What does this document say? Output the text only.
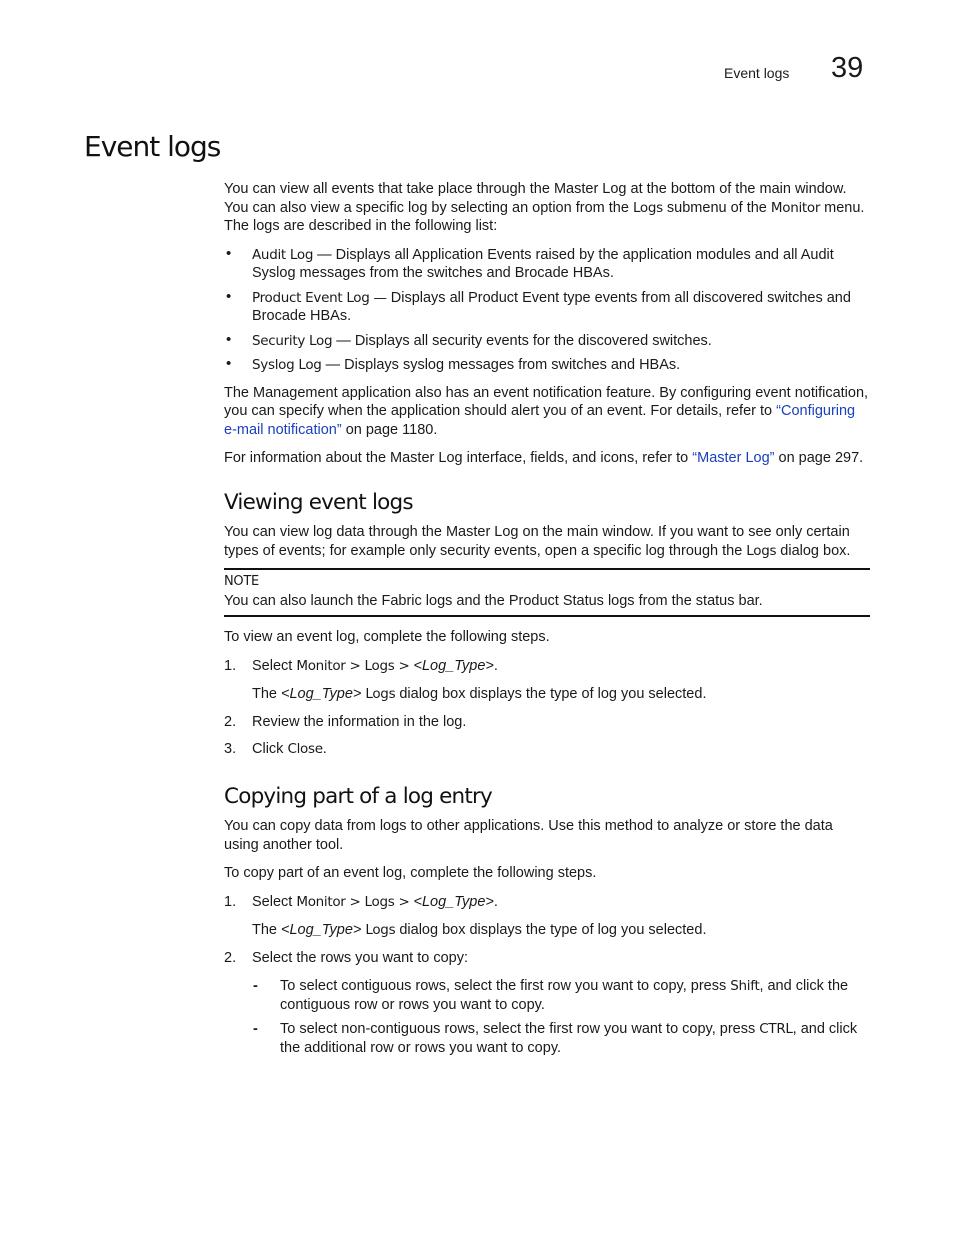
Event logs 39
Event logs

You can view all events that take place through the Master Log at the bottom of the main window. You can also view a specific log by selecting an option from the Logs submenu of the Monitor menu. The logs are described in the following list:

• Audit Log — Displays all Application Events raised by the application modules and all Audit Syslog messages from the switches and Brocade HBAs.
• Product Event Log — Displays all Product Event type events from all discovered switches and Brocade HBAs.
• Security Log — Displays all security events for the discovered switches.
• Syslog Log — Displays syslog messages from switches and HBAs.

The Management application also has an event notification feature. By configuring event notification, you can specify when the application should alert you of an event. For details, refer to “Configuring e-mail notification” on page 1180.

For information about the Master Log interface, fields, and icons, refer to “Master Log” on page 297.

Viewing event logs

You can view log data through the Master Log on the main window. If you want to see only certain types of events; for example only security events, open a specific log through the Logs dialog box.

NOTE
You can also launch the Fabric logs and the Product Status logs from the status bar.

To view an event log, complete the following steps.

1. Select Monitor > Logs > <Log_Type>.
The <Log_Type> Logs dialog box displays the type of log you selected.
2. Review the information in the log.
3. Click Close.
Copying part of a log entry

You can copy data from logs to other applications. Use this method to analyze or store the data using another tool.

To copy part of an event log, complete the following steps.

1. Select Monitor > Logs > <Log_Type>.
The <Log_Type> Logs dialog box displays the type of log you selected.
2. Select the rows you want to copy:
- To select contiguous rows, select the first row you want to copy, press Shift, and click the contiguous row or rows you want to copy.
- To select non-contiguous rows, select the first row you want to copy, press CTRL, and click the additional row or rows you want to copy.
